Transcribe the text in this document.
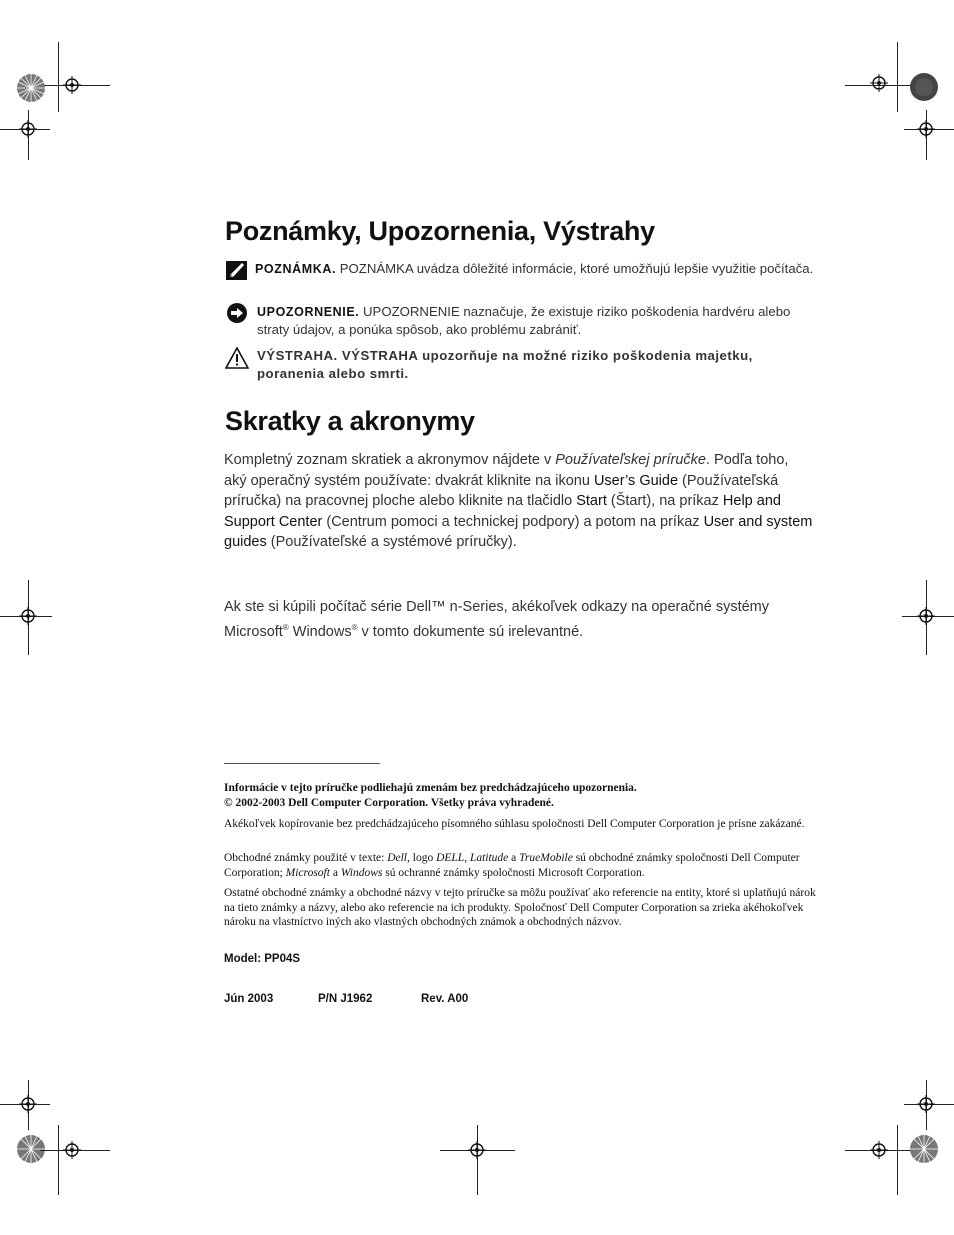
Poznámky, Upozornenia, Výstrahy
POZNÁMKA. POZNÁMKA uvádza dôležité informácie, ktoré umožňujú lepšie využitie počítača.
UPOZORNENIE. UPOZORNENIE naznačuje, že existuje riziko poškodenia hardvéru alebo straty údajov, a ponúka spôsob, ako problému zabrániť.
VÝSTRAHA. VÝSTRAHA upozorňuje na možné riziko poškodenia majetku, poranenia alebo smrti.
Skratky a akronymy
Kompletný zoznam skratiek a akronymov nájdete v Používateľskej príručke. Podľa toho, aký operačný systém používate: dvakrát kliknite na ikonu User’s Guide (Používateľská príručka) na pracovnej ploche alebo kliknite na tlačidlo Start (Štart), na príkaz Help and Support Center (Centrum pomoci a technickej podpory) a potom na príkaz User and system guides (Používateľské a systémové príručky).
Ak ste si kúpili počítač série Dell™ n-Series, akékoľvek odkazy na operačné systémy Microsoft® Windows® v tomto dokumente sú irelevantné.
Informácie v tejto príručke podliehajú zmenám bez predchádzajúceho upozornenia.
© 2002-2003 Dell Computer Corporation. Všetky práva vyhradené.
Akékoľvek kopírovanie bez predchádzajúceho písomného súhlasu spoločnosti Dell Computer Corporation je prísne zakázané.
Obchodné známky použité v texte: Dell, logo DELL, Latitude a TrueMobile sú obchodné známky spoločnosti Dell Computer Corporation; Microsoft a Windows sú ochranné známky spoločnosti Microsoft Corporation.
Ostatné obchodné známky a obchodné názvy v tejto príručke sa môžu používať ako referencie na entity, ktoré si uplatňujú nárok na tieto známky a názvy, alebo ako referencie na ich produkty. Spoločnosť Dell Computer Corporation sa zrieka akéhokoľvek nároku na vlastníctvo iných ako vlastných obchodných známok a obchodných názvov.
Model: PP04S
Jún 2003	P/N J1962	Rev. A00
